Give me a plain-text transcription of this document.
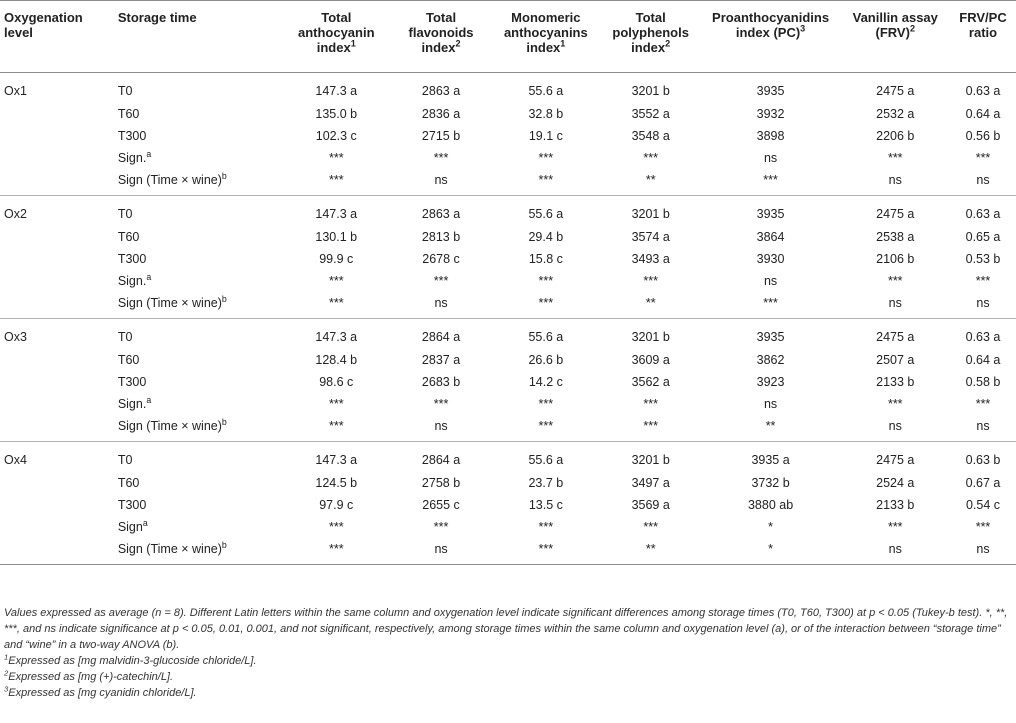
Oxygenation level	Storage time	Total anthocyanin index$^1$	Total flavonoids index$^2$	Monomeric anthocyanins index$^1$	Total polyphenols index$^2$	Proanthocyanidins index (PC)$^3$	Vanillin assay (FRV)$^2$	FRV/PC ratio
Ox1	T0	147.3 a	2863 a	55.6 a	3201 b	3935	2475 a	0.63 a
	T60	135.0 b	2836 a	32.8 b	3552 a	3932	2532 a	0.64 a
	T300	102.3 c	2715 b	19.1 c	3548 a	3898	2206 b	0.56 b
	Sign.$^a$	***	***	***	***	ns	***	***
	Sign (Time × wine)$^b$	***	ns	***	**	***	ns	ns
Ox2	T0	147.3 a	2863 a	55.6 a	3201 b	3935	2475 a	0.63 a
	T60	130.1 b	2813 b	29.4 b	3574 a	3864	2538 a	0.65 a
	T300	99.9 c	2678 c	15.8 c	3493 a	3930	2106 b	0.53 b
	Sign.$^a$	***	***	***	***	ns	***	***
	Sign (Time × wine)$^b$	***	ns	***	**	***	ns	ns
Ox3	T0	147.3 a	2864 a	55.6 a	3201 b	3935	2475 a	0.63 a
	T60	128.4 b	2837 a	26.6 b	3609 a	3862	2507 a	0.64 a
	T300	98.6 c	2683 b	14.2 c	3562 a	3923	2133 b	0.58 b
	Sign.$^a$	***	***	***	***	ns	***	***
	Sign (Time × wine)$^b$	***	ns	***	***	**	ns	ns
Ox4	T0	147.3 a	2864 a	55.6 a	3201 b	3935 a	2475 a	0.63 b
	T60	124.5 b	2758 b	23.7 b	3497 a	3732 b	2524 a	0.67 a
	T300	97.9 c	2655 c	13.5 c	3569 a	3880 ab	2133 b	0.54 c
	Sign$^a$	***	***	***	***	*	***	***
	Sign (Time × wine)$^b$	***	ns	***	**	*	ns	ns

Values expressed as average (n = 8). Different Latin letters within the same column and oxygenation level indicate significant differences among storage times (T0, T60, T300) at p < 0.05 (Tukey-b test). *, **, ***, and ns indicate significance at p < 0.05, 0.01, 0.001, and not significant, respectively, among storage times within the same column and oxygenation level (a), or of the interaction between “storage time” and “wine” in a two-way ANOVA (b).

$^1$Expressed as [mg malvidin-3-glucoside chloride/L].

$^2$Expressed as [mg (+)-catechin/L].

$^3$Expressed as [mg cyanidin chloride/L].
